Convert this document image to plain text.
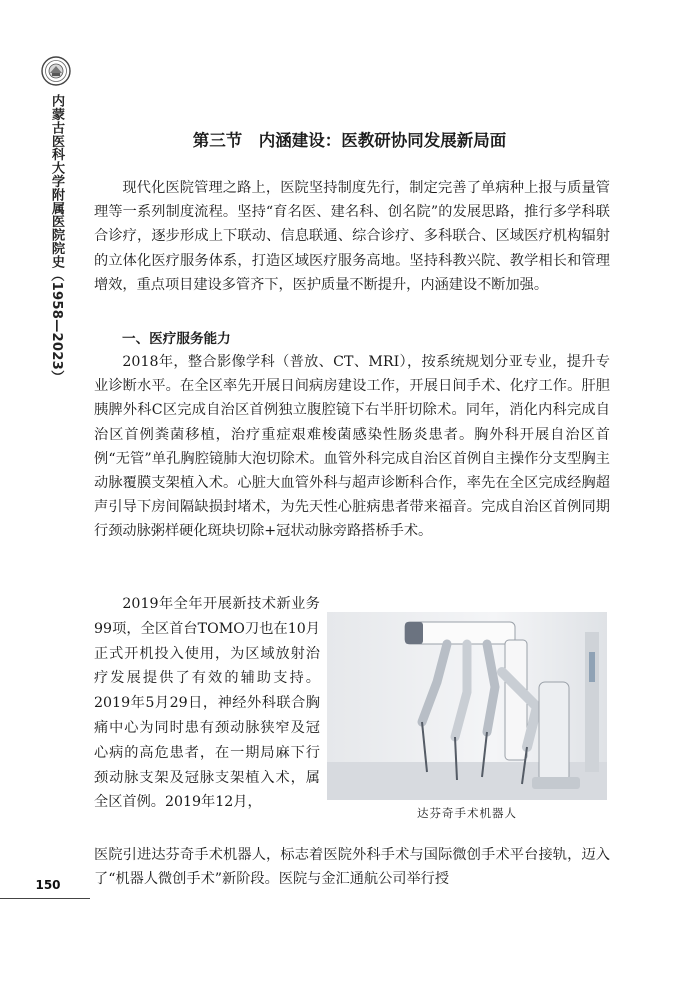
内蒙古医科大学附属医院院史（1958—2023）
150
第三节　内涵建设：医教研协同发展新局面

现代化医院管理之路上，医院坚持制度先行，制定完善了单病种上报与质量管理等一系列制度流程。坚持“育名医、建名科、创名院”的发展思路，推行多学科联合诊疗，逐步形成上下联动、信息联通、综合诊疗、多科联合、区域医疗机构辐射的立体化医疗服务体系，打造区域医疗服务高地。坚持科教兴院、教学相长和管理增效，重点项目建设多管齐下，医护质量不断提升，内涵建设不断加强。

一、医疗服务能力

2018年，整合影像学科（普放、CT、MRI），按系统规划分亚专业，提升专业诊断水平。在全区率先开展日间病房建设工作，开展日间手术、化疗工作。肝胆胰脾外科C区完成自治区首例独立腹腔镜下右半肝切除术。同年，消化内科完成自治区首例粪菌移植，治疗重症艰难梭菌感染性肠炎患者。胸外科开展自治区首例“无管”单孔胸腔镜肺大泡切除术。血管外科完成自治区首例自主操作分支型胸主动脉覆膜支架植入术。心脏大血管外科与超声诊断科合作，率先在全区完成经胸超声引导下房间隔缺损封堵术，为先天性心脏病患者带来福音。完成自治区首例同期行颈动脉粥样硬化斑块切除+冠状动脉旁路搭桥手术。

2019年全年开展新技术新业务99项，全区首台TOMO刀也在10月正式开机投入使用，为区域放射治疗发展提供了有效的辅助支持。2019年5月29日，神经外科联合胸痛中心为同时患有颈动脉狭窄及冠心病的高危患者，在一期局麻下行颈动脉支架及冠脉支架植入术，属全区首例。2019年12月，

达芬奇手术机器人

医院引进达芬奇手术机器人，标志着医院外科手术与国际微创手术平台接轨，迈入了“机器人微创手术”新阶段。医院与金汇通航公司举行授
